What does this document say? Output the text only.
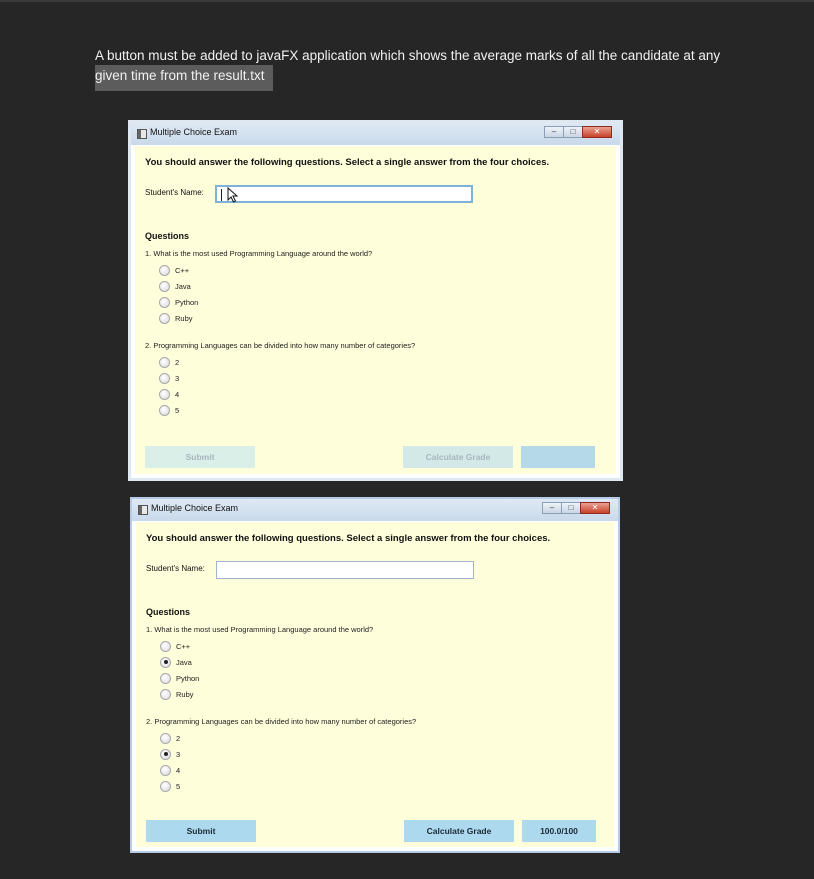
A button must be added to javaFX application which shows the average marks of all the candidate at any
given time from the result.txt
Multiple Choice Exam	–	□	✕
You should answer the following questions. Select a single answer from the four choices.
Student's Name:
Questions
1. What is the most used Programming Language around the world?
C++
Java
Python
Ruby
2. Programming Languages can be divided into how many number of categories?
2
3
4
5
Submit	Calculate Grade
Multiple Choice Exam	–	□	✕
You should answer the following questions. Select a single answer from the four choices.
Student's Name:
Questions
1. What is the most used Programming Language around the world?
C++
Java
Python
Ruby
2. Programming Languages can be divided into how many number of categories?
2
3
4
5
Submit	Calculate Grade	100.0/100
